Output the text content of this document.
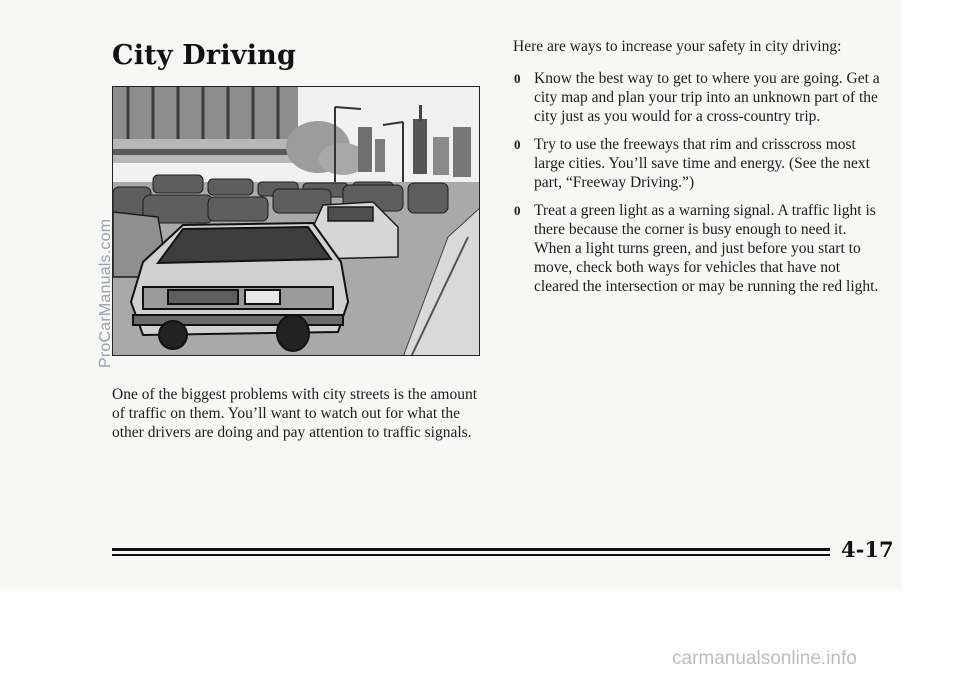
City Driving
ProCarManuals.com

One of the biggest problems with city streets is the amount of traffic on them. You’ll want to watch out for what the other drivers are doing and pay attention to traffic signals.

Here are ways to increase your safety in city driving:

0 Know the best way to get to where you are going. Get a city map and plan your trip into an unknown part of the city just as you would for a cross-country trip.
0 Try to use the freeways that rim and crisscross most large cities. You’ll save time and energy. (See the next part, “Freeway Driving.”)
0 Treat a green light as a warning signal. A traffic light is there because the corner is busy enough to need it. When a light turns green, and just before you start to move, check both ways for vehicles that have not cleared the intersection or may be running the red light.

4-17

carmanualsonline.info
